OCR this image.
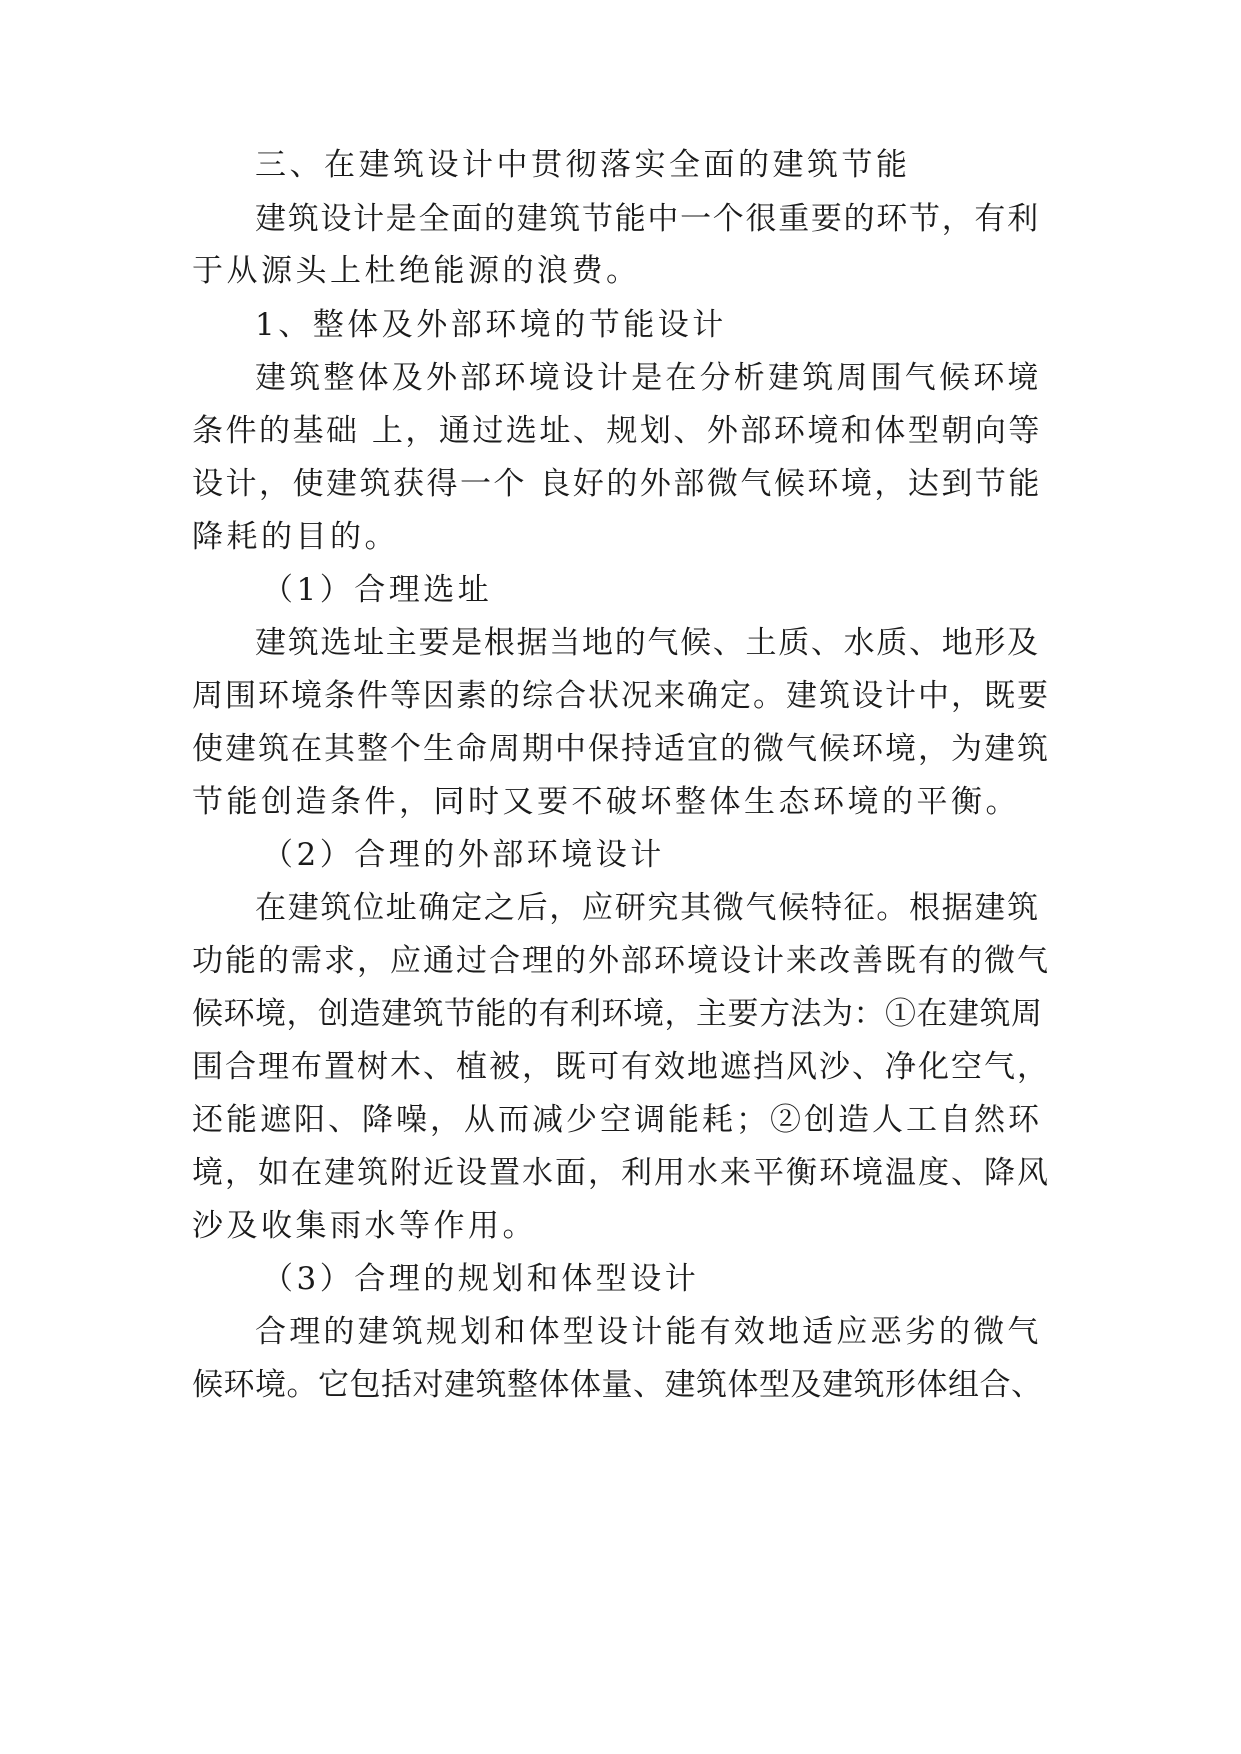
三、在建筑设计中贯彻落实全面的建筑节能
建筑设计是全面的建筑节能中一个很重要的环节，有利
于从源头上杜绝能源的浪费。
1、整体及外部环境的节能设计
建筑整体及外部环境设计是在分析建筑周围气候环境
条件的基础 上，通过选址、规划、外部环境和体型朝向等
设计，使建筑获得一个 良好的外部微气候环境，达到节能
降耗的目的。
（1）合理选址
建筑选址主要是根据当地的气候、土质、水质、地形及
周围环境条件等因素的综合状况来确定。建筑设计中，既要
使建筑在其整个生命周期中保持适宜的微气候环境，为建筑
节能创造条件，同时又要不破坏整体生态环境的平衡。
（2）合理的外部环境设计
在建筑位址确定之后，应研究其微气候特征。根据建筑
功能的需求，应通过合理的外部环境设计来改善既有的微气
候环境，创造建筑节能的有利环境，主要方法为：①在建筑周
围合理布置树木、植被，既可有效地遮挡风沙、净化空气，
还能遮阳、降噪，从而减少空调能耗；②创造人工自然环
境，如在建筑附近设置水面，利用水来平衡环境温度、降风
沙及收集雨水等作用。
（3）合理的规划和体型设计
合理的建筑规划和体型设计能有效地适应恶劣的微气
候环境。它包括对建筑整体体量、建筑体型及建筑形体组合、
